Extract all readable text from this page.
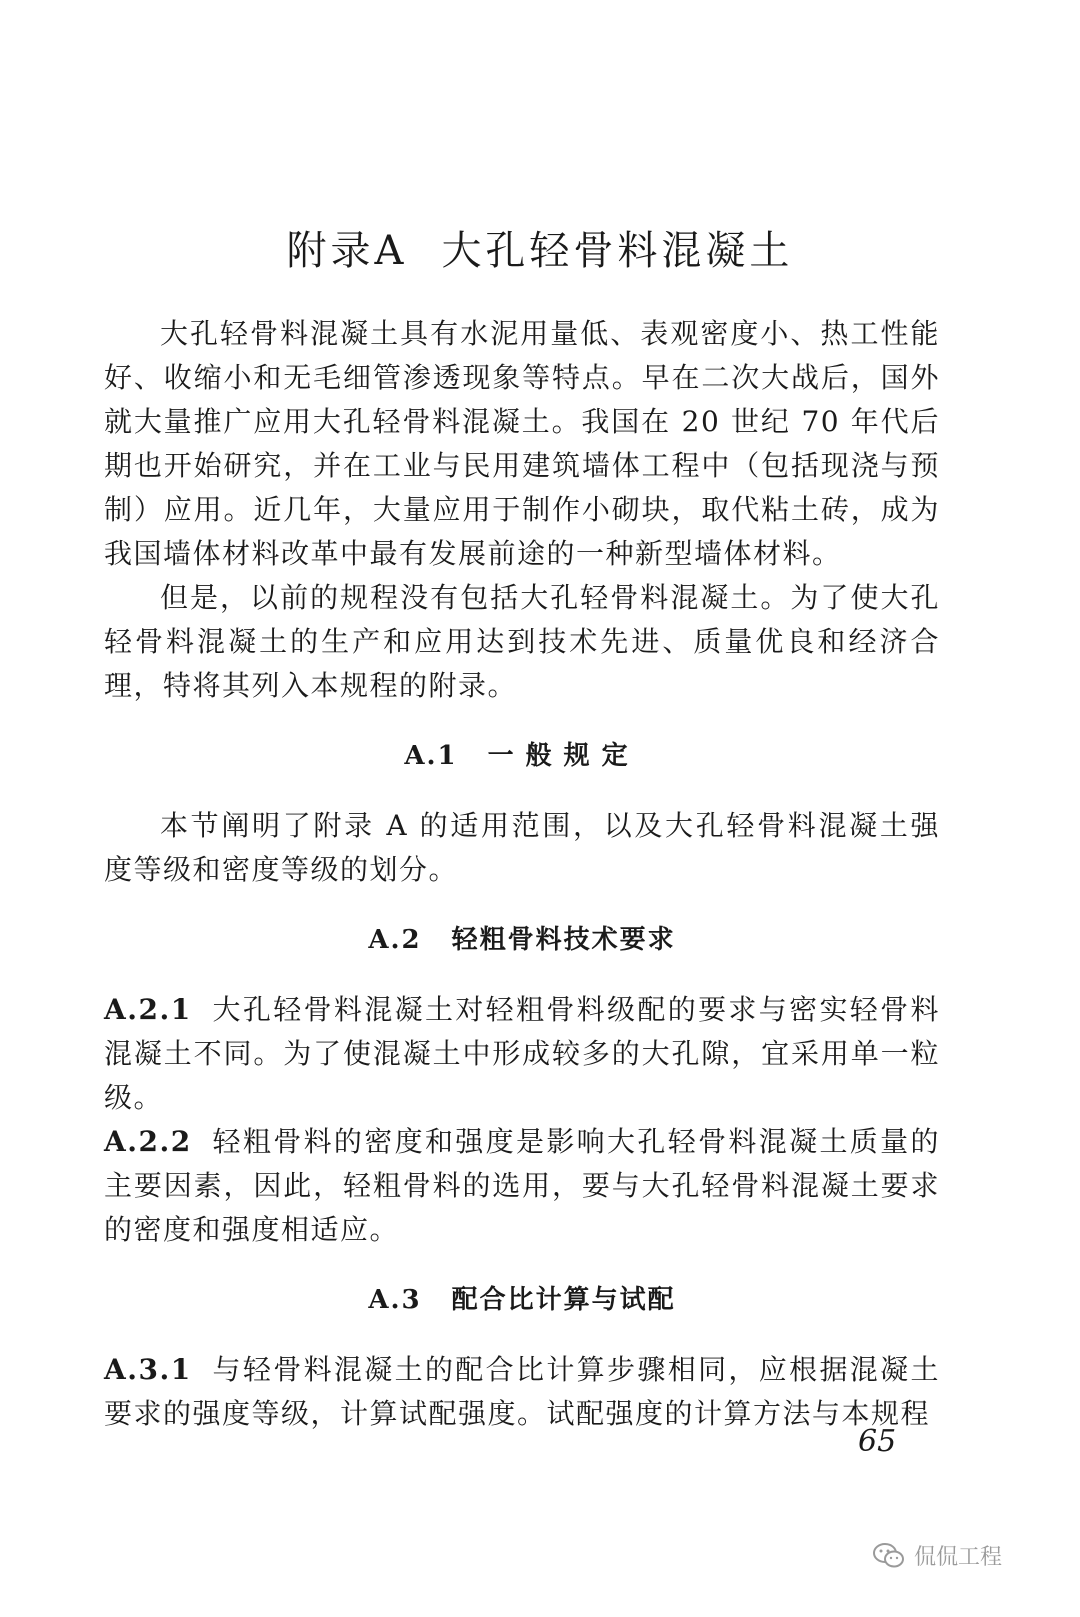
附录A 大孔轻骨料混凝土

大孔轻骨料混凝土具有水泥用量低、表观密度小、热工性能好、收缩小和无毛细管渗透现象等特点。早在二次大战后，国外就大量推广应用大孔轻骨料混凝土。我国在 20 世纪 70 年代后期也开始研究，并在工业与民用建筑墙体工程中（包括现浇与预制）应用。近几年，大量应用于制作小砌块，取代粘土砖，成为我国墙体材料改革中最有发展前途的一种新型墙体材料。

但是，以前的规程没有包括大孔轻骨料混凝土。为了使大孔轻骨料混凝土的生产和应用达到技术先进、质量优良和经济合理，特将其列入本规程的附录。

A.1 一般规定

本节阐明了附录 A 的适用范围，以及大孔轻骨料混凝土强度等级和密度等级的划分。

A.2 轻粗骨料技术要求

A.2.1 大孔轻骨料混凝土对轻粗骨料级配的要求与密实轻骨料混凝土不同。为了使混凝土中形成较多的大孔隙，宜采用单一粒级。

A.2.2 轻粗骨料的密度和强度是影响大孔轻骨料混凝土质量的主要因素，因此，轻粗骨料的选用，要与大孔轻骨料混凝土要求的密度和强度相适应。

A.3 配合比计算与试配

A.3.1 与轻骨料混凝土的配合比计算步骤相同，应根据混凝土要求的强度等级，计算试配强度。试配强度的计算方法与本规程

65
侃侃工程
